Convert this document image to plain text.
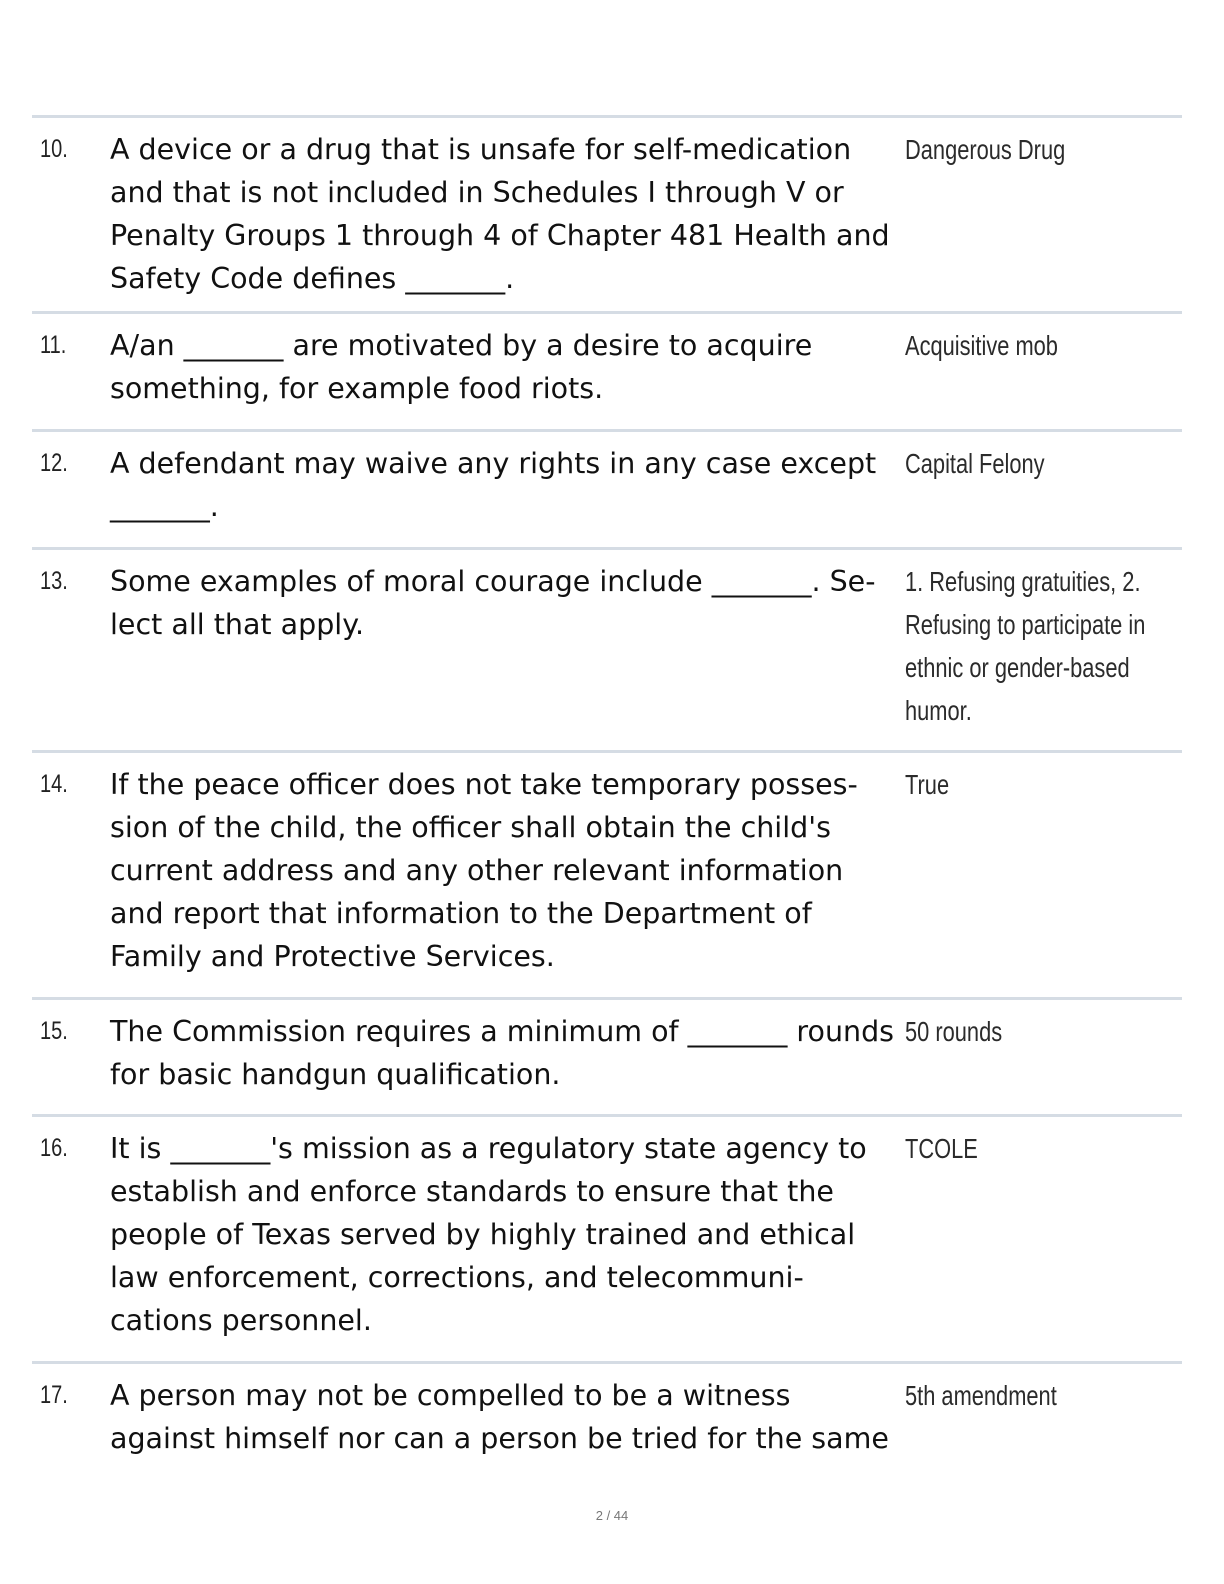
10.	A device or a drug that is unsafe for self-medication and that is not included in Schedules I through V or Penalty Groups 1 through 4 of Chapter 481 Health and Safety Code defines _______.
Dangerous Drug
11.	A/an _______ are motivated by a desire to acquire something, for example food riots.
Acquisitive mob
12.	A defendant may waive any rights in any case except _______.
Capital Felony
13.	Some examples of moral courage include _______. Select all that apply.
1. Refusing gratuities, 2. Refusing to participate in ethnic or gender-based humor.
14.	If the peace officer does not take temporary possession of the child, the officer shall obtain the child's current address and any other relevant information and report that information to the Department of Family and Protective Services.
True
15.	The Commission requires a minimum of _______ rounds for basic handgun qualification.
50 rounds
16.	It is _______'s mission as a regulatory state agency to establish and enforce standards to ensure that the people of Texas served by highly trained and ethical law enforcement, corrections, and telecommunications personnel.
TCOLE
17.	A person may not be compelled to be a witness against himself nor can a person be tried for the same
5th amendment
2 / 44
